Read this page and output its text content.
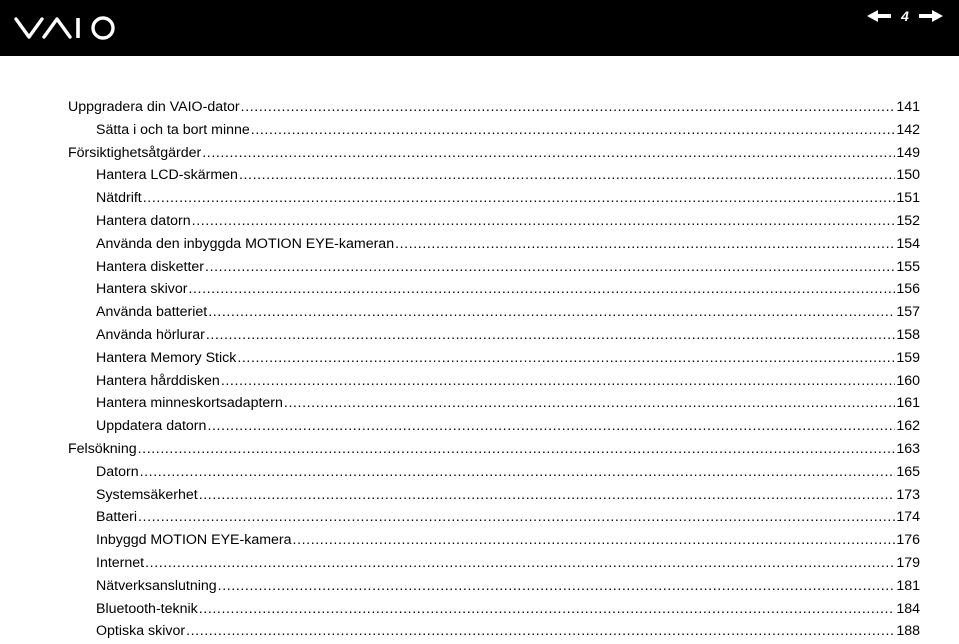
4
Uppgradera din VAIO-dator .....	141
Sätta i och ta bort minne .....	142
Försiktighetsåtgärder .....	149
Hantera LCD-skärmen .....	150
Nätdrift .....	151
Hantera datorn .....	152
Använda den inbyggda MOTION EYE-kameran .....	154
Hantera disketter .....	155
Hantera skivor .....	156
Använda batteriet .....	157
Använda hörlurar .....	158
Hantera Memory Stick .....	159
Hantera hårddisken .....	160
Hantera minneskortsadaptern .....	161
Uppdatera datorn .....	162
Felsökning .....	163
Datorn .....	165
Systemsäkerhet .....	173
Batteri .....	174
Inbyggd MOTION EYE-kamera .....	176
Internet .....	179
Nätverksanslutning .....	181
Bluetooth-teknik .....	184
Optiska skivor .....	188
